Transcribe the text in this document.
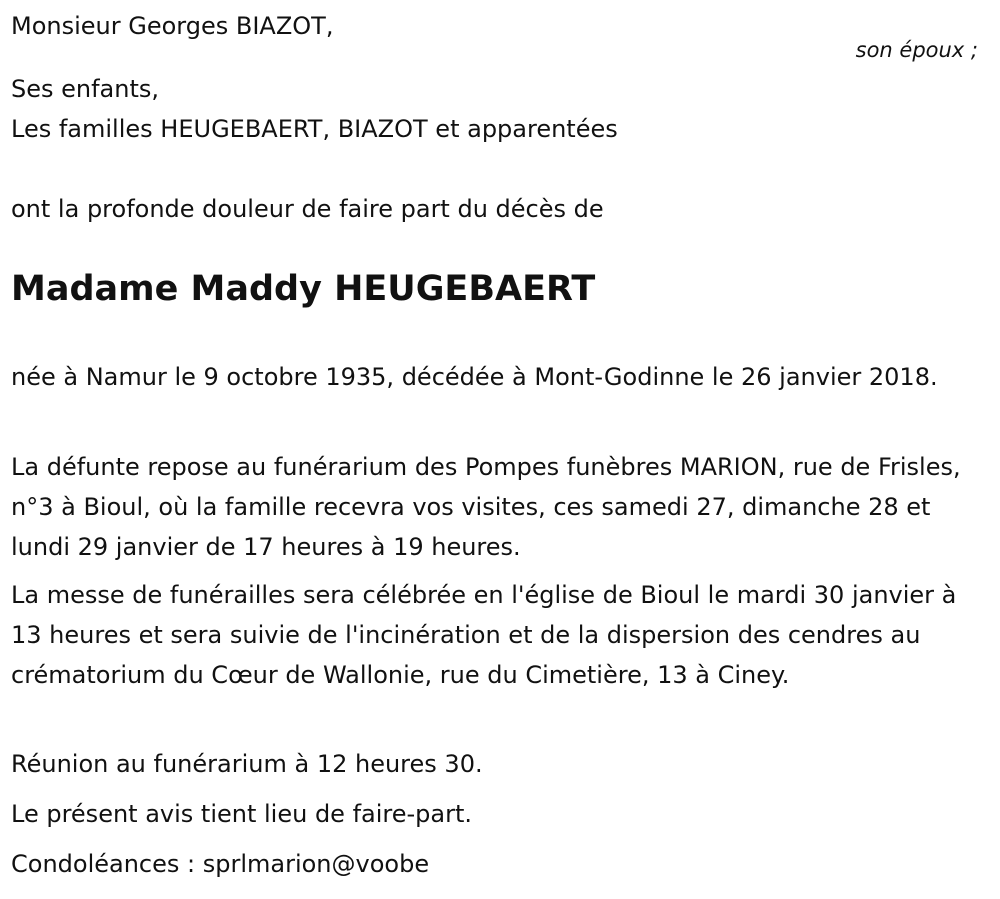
Monsieur Georges BIAZOT,
son époux ;
Ses enfants,
Les familles HEUGEBAERT, BIAZOT et apparentées
ont la profonde douleur de faire part du décès de
Madame Maddy HEUGEBAERT
née à Namur le 9 octobre 1935, décédée à Mont-Godinne le 26 janvier 2018.
La défunte repose au funérarium des Pompes funèbres MARION, rue de Frisles, n°3 à Bioul, où la famille recevra vos visites, ces samedi 27, dimanche 28 et lundi 29 janvier de 17 heures à 19 heures.
La messe de funérailles sera célébrée en l'église de Bioul le mardi 30 janvier à 13 heures et sera suivie de l'incinération et de la dispersion des cendres au crématorium du Cœur de Wallonie, rue du Cimetière, 13 à Ciney.
Réunion au funérarium à 12 heures 30.
Le présent avis tient lieu de faire-part.
Condoléances : sprlmarion@voobe
